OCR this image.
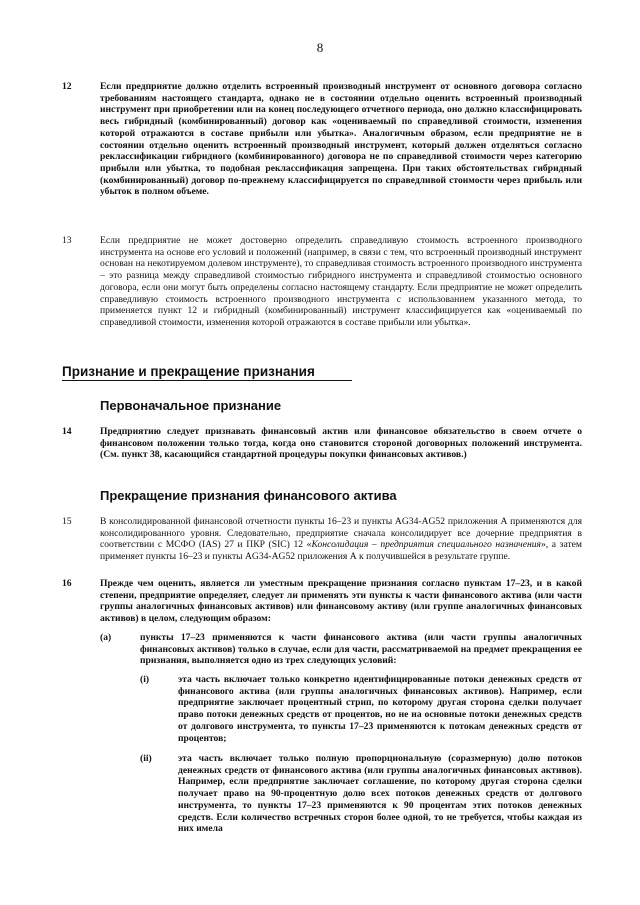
8
12	Если предприятие должно отделить встроенный производный инструмент от основного договора согласно требованиям настоящего стандарта, однако не в состоянии отдельно оценить встроенный производный инструмент при приобретении или на конец последующего отчетного периода, оно должно классифицировать весь гибридный (комбинированный) договор как «оцениваемый по справедливой стоимости, изменения которой отражаются в составе прибыли или убытка». Аналогичным образом, если предприятие не в состоянии отдельно оценить встроенный производный инструмент, который должен отделяться согласно реклассификации гибридного (комбинированного) договора не по справедливой стоимости через категорию прибыли или убытка, то подобная реклассификация запрещена. При таких обстоятельствах гибридный (комбинированный) договор по-прежнему классифицируется по справедливой стоимости через прибыль или убыток в полном объеме.
13	Если предприятие не может достоверно определить справедливую стоимость встроенного производного инструмента на основе его условий и положений (например, в связи с тем, что встроенный производный инструмент основан на некотируемом долевом инструменте), то справедливая стоимость встроенного производного инструмента – это разница между справедливой стоимостью гибридного инструмента и справедливой стоимостью основного договора, если они могут быть определены согласно настоящему стандарту. Если предприятие не может определить справедливую стоимость встроенного производного инструмента с использованием указанного метода, то применяется пункт 12 и гибридный (комбинированный) инструмент классифицируется как «оцениваемый по справедливой стоимости, изменения которой отражаются в составе прибыли или убытка».
Признание и прекращение признания
Первоначальное признание
14	Предприятию следует признавать финансовый актив или финансовое обязательство в своем отчете о финансовом положении только тогда, когда оно становится стороной договорных положений инструмента. (См. пункт 38, касающийся стандартной процедуры покупки финансовых активов.)
Прекращение признания финансового актива
15	В консолидированной финансовой отчетности пункты 16–23 и пункты AG34-AG52 приложения А применяются для консолидированного уровня. Следовательно, предприятие сначала консолидирует все дочерние предприятия в соответствии с МСФО (IAS) 27 и ПКР (SIC) 12 «Консолидация – предприятия специального назначения», а затем применяет пункты 16–23 и пункты AG34-AG52 приложения А к получившейся в результате группе.
16	Прежде чем оценить, является ли уместным прекращение признания согласно пунктам 17–23, и в какой степени, предприятие определяет, следует ли применять эти пункты к части финансового актива (или части группы аналогичных финансовых активов) или финансовому активу (или группе аналогичных финансовых активов) в целом, следующим образом:
(a)	пункты 17–23 применяются к части финансового актива (или части группы аналогичных финансовых активов) только в случае, если для части, рассматриваемой на предмет прекращения ее признания, выполняется одно из трех следующих условий:
(i)	эта часть включает только конкретно идентифицированные потоки денежных средств от финансового актива (или группы аналогичных финансовых активов). Например, если предприятие заключает процентный стрип, по которому другая сторона сделки получает право потоки денежных средств от процентов, но не на основные потоки денежных средств от долгового инструмента, то пункты 17–23 применяются к потокам денежных средств от процентов;
(ii)	эта часть включает только полную пропорциональную (соразмерную) долю потоков денежных средств от финансового актива (или группы аналогичных финансовых активов). Например, если предприятие заключает соглашение, по которому другая сторона сделки получает право на 90-процентную долю всех потоков денежных средств от долгового инструмента, то пункты 17–23 применяются к 90 процентам этих потоков денежных средств. Если количество встречных сторон более одной, то не требуется, чтобы каждая из них имела
